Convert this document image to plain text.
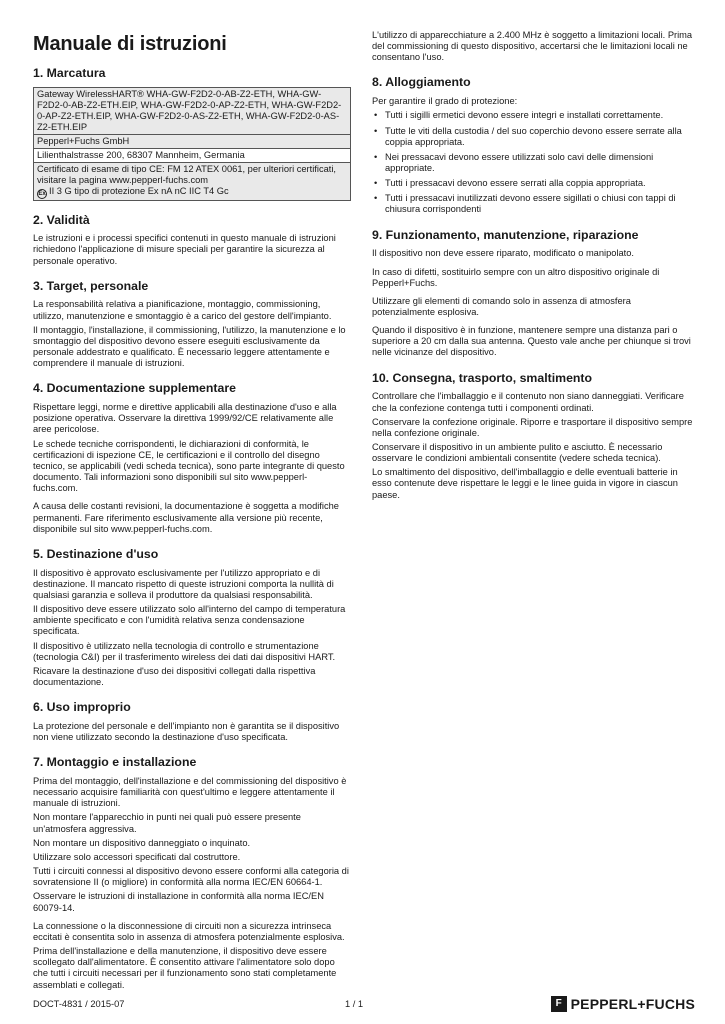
Manuale di istruzioni
1. Marcatura
Gateway WirelessHART® WHA-GW-F2D2-0-AB-Z2-ETH, WHA-GW-F2D2-0-AB-Z2-ETH.EIP, WHA-GW-F2D2-0-AP-Z2-ETH, WHA-GW-F2D2-0-AP-Z2-ETH.EIP, WHA-GW-F2D2-0-AS-Z2-ETH, WHA-GW-F2D2-0-AS-Z2-ETH.EIP
Pepperl+Fuchs GmbH
Lilienthalstrasse 200, 68307 Mannheim, Germania

Certificato di esame di tipo CE: FM 12 ATEX 0061, per ulteriori certificati, visitare la pagina www.pepperl-fuchs.com
Ex II 3 G tipo di protezione Ex nA nC IIC T4 Gc
2. Validità

Le istruzioni e i processi specifici contenuti in questo manuale di istruzioni richiedono l'applicazione di misure speciali per garantire la sicurezza al personale operativo.

3. Target, personale

La responsabilità relativa a pianificazione, montaggio, commissioning, utilizzo, manutenzione e smontaggio è a carico del gestore dell'impianto.

Il montaggio, l'installazione, il commissioning, l'utilizzo, la manutenzione e lo smontaggio del dispositivo devono essere eseguiti esclusivamente da personale addestrato e qualificato. È necessario leggere attentamente e comprendere il manuale di istruzioni.

4. Documentazione supplementare

Rispettare leggi, norme e direttive applicabili alla destinazione d'uso e alla posizione operativa. Osservare la direttiva 1999/92/CE relativamente alle aree pericolose.

Le schede tecniche corrispondenti, le dichiarazioni di conformità, le certificazioni di ispezione CE, le certificazioni e il controllo del disegno tecnico, se applicabili (vedi scheda tecnica), sono parte integrante di questo documento. Tali informazioni sono disponibili sul sito www.pepperl-fuchs.com.

A causa delle costanti revisioni, la documentazione è soggetta a modifiche permanenti. Fare riferimento esclusivamente alla versione più recente, disponibile sul sito www.pepperl-fuchs.com.

5. Destinazione d'uso

Il dispositivo è approvato esclusivamente per l'utilizzo appropriato e di destinazione. Il mancato rispetto di queste istruzioni comporta la nullità di qualsiasi garanzia e solleva il produttore da qualsiasi responsabilità.

Il dispositivo deve essere utilizzato solo all'interno del campo di temperatura ambiente specificato e con l'umidità relativa senza condensazione specificata.

Il dispositivo è utilizzato nella tecnologia di controllo e strumentazione (tecnologia C&I) per il trasferimento wireless dei dati dai dispositivi HART.

Ricavare la destinazione d'uso dei dispositivi collegati dalla rispettiva documentazione.

6. Uso improprio

La protezione del personale e dell'impianto non è garantita se il dispositivo non viene utilizzato secondo la destinazione d'uso specificata.

7. Montaggio e installazione

Prima del montaggio, dell'installazione e del commissioning del dispositivo è necessario acquisire familiarità con quest'ultimo e leggere attentamente il manuale di istruzioni.

Non montare l'apparecchio in punti nei quali può essere presente un'atmosfera aggressiva.

Non montare un dispositivo danneggiato o inquinato.

Utilizzare solo accessori specificati dal costruttore.

Tutti i circuiti connessi al dispositivo devono essere conformi alla categoria di sovratensione II (o migliore) in conformità alla norma IEC/EN 60664-1.

Osservare le istruzioni di installazione in conformità alla norma IEC/EN 60079-14.

La connessione o la disconnessione di circuiti non a sicurezza intrinseca eccitati è consentita solo in assenza di atmosfera potenzialmente esplosiva.

Prima dell'installazione e della manutenzione, il dispositivo deve essere scollegato dall'alimentatore. È consentito attivare l'alimentatore solo dopo che tutti i circuiti necessari per il funzionamento sono stati completamente assemblati e collegati.

L'utilizzo di apparecchiature a 2.400 MHz è soggetto a limitazioni locali. Prima del commissioning di questo dispositivo, accertarsi che le limitazioni locali ne consentano l'uso.

8. Alloggiamento

Per garantire il grado di protezione:

• Tutti i sigilli ermetici devono essere integri e installati correttamente.
• Tutte le viti della custodia / del suo coperchio devono essere serrate alla coppia appropriata.
• Nei pressacavi devono essere utilizzati solo cavi delle dimensioni appropriate.
• Tutti i pressacavi devono essere serrati alla coppia appropriata.
• Tutti i pressacavi inutilizzati devono essere sigillati o chiusi con tappi di chiusura corrispondenti
9. Funzionamento, manutenzione, riparazione

Il dispositivo non deve essere riparato, modificato o manipolato.

In caso di difetti, sostituirlo sempre con un altro dispositivo originale di Pepperl+Fuchs.

Utilizzare gli elementi di comando solo in assenza di atmosfera potenzialmente esplosiva.

Quando il dispositivo è in funzione, mantenere sempre una distanza pari o superiore a 20 cm dalla sua antenna. Questo vale anche per chiunque si trovi nelle vicinanze del dispositivo.

10. Consegna, trasporto, smaltimento

Controllare che l'imballaggio e il contenuto non siano danneggiati. Verificare che la confezione contenga tutti i componenti ordinati.

Conservare la confezione originale. Riporre e trasportare il dispositivo sempre nella confezione originale.

Conservare il dispositivo in un ambiente pulito e asciutto. È necessario osservare le condizioni ambientali consentite (vedere scheda tecnica).

Lo smaltimento del dispositivo, dell'imballaggio e delle eventuali batterie in esso contenute deve rispettare le leggi e le linee guida in vigore in ciascun paese.

DOCT-4831 / 2015-07	1 / 1	F PEPPERL+FUCHS
